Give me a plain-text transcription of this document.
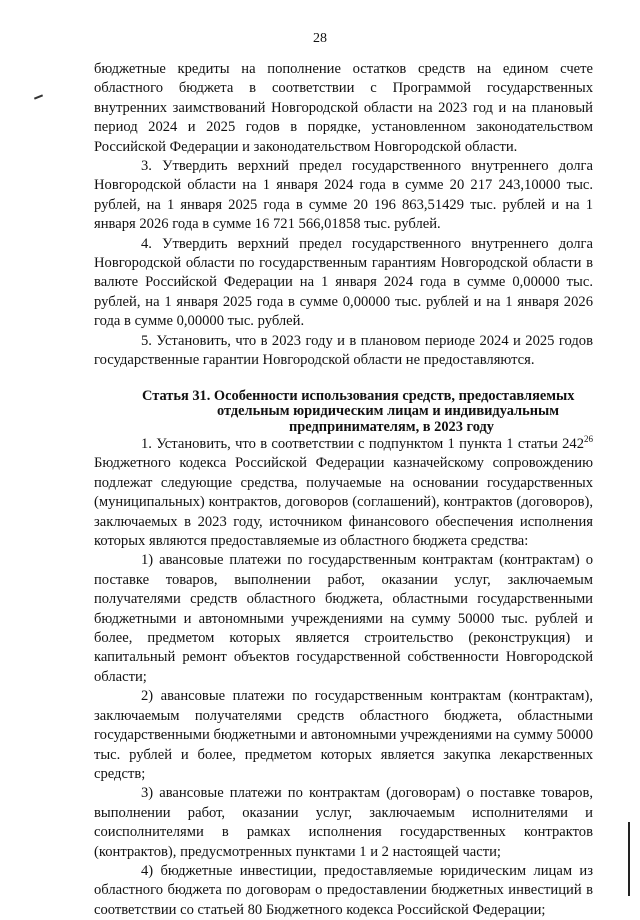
28

бюджетные кредиты на пополнение остатков средств на едином счете областного бюджета в соответствии с Программой государственных внутренних заимствований Новгородской области на 2023 год и на плановый период 2024 и 2025 годов в порядке, установленном законодательством Российской Федерации и законодательством Новгородской области.

3. Утвердить верхний предел государственного внутреннего долга Новгородской области на 1 января 2024 года в сумме 20 217 243,10000 тыс. рублей, на 1 января 2025 года в сумме 20 196 863,51429 тыс. рублей и на 1 января 2026 года в сумме 16 721 566,01858 тыс. рублей.

4. Утвердить верхний предел государственного внутреннего долга Новгородской области по государственным гарантиям Новгородской области в валюте Российской Федерации на 1 января 2024 года в сумме 0,00000 тыс. рублей, на 1 января 2025 года в сумме 0,00000 тыс. рублей и на 1 января 2026 года в сумме 0,00000 тыс. рублей.

5. Установить, что в 2023 году и в плановом периоде 2024 и 2025 годов государственные гарантии Новгородской области не предоставляются.

Статья 31. Особенности использования средств, предоставляемых
отдельным юридическим лицам и индивидуальным
предпринимателям, в 2023 году

1. Установить, что в соответствии с подпунктом 1 пункта 1 статьи $242^{26}$ Бюджетного кодекса Российской Федерации казначейскому сопровождению подлежат следующие средства, получаемые на основании государственных (муниципальных) контрактов, договоров (соглашений), контрактов (договоров), заключаемых в 2023 году, источником финансового обеспечения исполнения которых являются предоставляемые из областного бюджета средства:

1) авансовые платежи по государственным контрактам (контрактам) о поставке товаров, выполнении работ, оказании услуг, заключаемым получателями средств областного бюджета, областными государственными бюджетными и автономными учреждениями на сумму 50000 тыс. рублей и более, предметом которых является строительство (реконструкция) и капитальный ремонт объектов государственной собственности Новгородской области;

2) авансовые платежи по государственным контрактам (контрактам), заключаемым получателями средств областного бюджета, областными государственными бюджетными и автономными учреждениями на сумму 50000 тыс. рублей и более, предметом которых является закупка лекарственных средств;

3) авансовые платежи по контрактам (договорам) о поставке товаров, выполнении работ, оказании услуг, заключаемым исполнителями и соисполнителями в рамках исполнения государственных контрактов (контрактов), предусмотренных пунктами 1 и 2 настоящей части;

4) бюджетные инвестиции, предоставляемые юридическим лицам из областного бюджета по договорам о предоставлении бюджетных инвестиций в соответствии со статьей 80 Бюджетного кодекса Российской Федерации;
